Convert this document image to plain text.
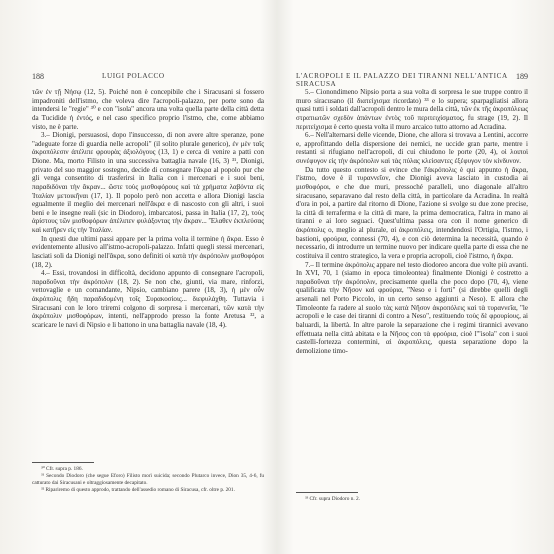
188	LUIGI POLACCO

τῶν ἐν τῇ Νήσῳ (12, 5). Poiché non è concepibile che i Siracusani si fossero impadroniti dell'istmo, che voleva dire l'acropoli-palazzo, per porte sono da intendersi le "regie" ³⁰ e con "isola" ancora una volta quella parte della città detta da Tucidide ἡ ἐντός, e nel caso specifico proprio l'istmo, che, come abbiamo visto, ne è parte.

3.– Dionigi, persuasosi, dopo l'insuccesso, di non avere altre speranze, pone "adeguate forze di guardia nelle acropoli" (il solito plurale generico), ἐν μὲν ταῖς ἀκροπόλεσιν ἀπέλιπε φρουρὰς ἀξιολόγους (13, 1) e cerca di venire a patti con Dione. Ma, morto Filisto in una successiva battaglia navale (16, 3) ³¹, Dionigi, privato del suo maggior sostegno, decide di consegnare l'ἄκρα al popolo pur che gli venga consentito di trasferirsi in Italia con i mercenari e i suoi beni, παραδιδόναι τὴν ἄκραν... ὥστε τοὺς μισθοφόρους καὶ τὰ χρήματα λαβόντα εἰς Ἰταλίαν μετοικῆναι (17, 1). Il popolo però non accetta e allora Dionigi lascia egualmente il meglio dei mercenari nell'ἄκρα e di nascosto con gli altri, i suoi beni e le insegne reali (sic in Diodoro), imbarcatosi, passa in Italia (17, 2), τοὺς ἀρίστους τῶν μισθοφόρων ἀπέλιπεν φυλάξοντας τὴν ἄκραν... Ἔλαθεν ἐκπλεύσας καὶ κατῆρεν εἰς τὴν Ἰταλίαν.

In questi due ultimi passi appare per la prima volta il termine ἡ ἄκρα. Esso è evidentemente allusivo all'istmo-acropoli-palazzo. Infatti quegli stessi mercenari, lasciati soli da Dionigi nell'ἄκρα, sono definiti οἱ κατὰ τὴν ἀκρόπολιν μισθοφόροι (18, 2).

4.– Essi, trovandosi in difficoltà, decidono appunto di consegnare l'acropoli, παραδοῦναι τὴν ἀκρόπολιν (18, 2). Se non che, giunti, via mare, rinforzi, vettovaglie e un comandante, Nipsio, cambiano parere (18, 3), ἡ μὲν οὖν ἀκρόπολις ἤδη παραδιδομένη τοῖς Συρακοσίοις... διεφυλάχθη. Tuttavia i Siracusani con le loro triremi colgono di sorpresa i mercenari, τῶν κατὰ τὴν ἀκρόπολιν μισθοφόρων, intenti, nell'approdo presso la fonte Aretusa ³², a scaricare le navi di Nipsio e li battono in una battaglia navale (18, 4).

³⁰ Cfr. supra p. 186.

³¹ Secondo Diodoro (che segue Eforo) Filisto morì suicida; secondo Plutarco invece, Dion 35, 4-6, fu catturato dai Siracusani e oltraggiosamente decapitato.

³² Ripariremo di questo approdo, trattando dell'assedio romano di Siracusa, cfr. oltre p. 201.

L'ACROPOLI E IL PALAZZO DEI TIRANNI NELL'ANTICA SIRACUSA
189

5.– Cionondimeno Nipsio porta a sua volta di sorpresa le sue truppe contro il muro siracusano (il διατείχισμα ricordato) ³³ e lo supera; sparpagliatisi allora quasi tutti i soldati dall'acropoli dentro le mura della città, τῶν ἐκ τῆς ἀκροπόλεως στρατιωτῶν σχεδὸν ἁπάντων ἐντὸς τοῦ περιτειχίσματος, fu strage (19, 2). Il περιτείχισμα è certo questa volta il muro arcaico tutto attorno ad Acradina.

6.– Nell'alternarsi delle vicende, Dione, che allora si trovava a Lentini, accorre e, approfittando della dispersione dei nemici, ne uccide gran parte, mentre i restanti si rifugiano nell'acropoli, di cui chiudono le porte (20, 4), οἱ λοιποὶ συνέφυγον εἰς τὴν ἀκρόπολιν καὶ τὰς πύλας κλείσαντες ἐξέφυγον τὸν κίνδυνον.

Da tutto questo contesto si evince che l'ἀκρόπολις è qui appunto ἡ ἄκρα, l'istmo, dove è il τυραννεῖον, che Dionigi aveva lasciato in custodia ai μισθοφόροι, e che due muri, pressoché paralleli, uno diagonale all'altro siracusano, separavano dal resto della città, in particolare da Acradina. In realtà d'ora in poi, a partire dal ritorno di Dione, l'azione si svolge su due zone precise, la città di terraferma e la città di mare, la prima democratica, l'altra in mano ai tiranni e ai loro seguaci. Quest'ultima passa ora con il nome generico di ἀκρόπολις o, meglio al plurale, αἱ ἀκροπόλεις, intendendosi l'Ortigia, l'istmo, i bastioni, φρούρια, connessi (70, 4), e con ciò determina la necessità, quando è necessario, di introdurre un termine nuovo per indicare quella parte di essa che ne costituiva il centro strategico, la vera e propria acropoli, cioè l'istmo, ἡ ἄκρα.

7.– Il termine ἀκρόπολις appare nel testo diodoreo ancora due volte più avanti. In XVI, 70, 1 (siamo in epoca timoleontea) finalmente Dionigi è costretto a παραδοῦναι τὴν ἀκρόπολιν, precisamente quella che poco dopo (70, 4), viene qualificata τὴν Νῆσον καὶ φρούρια, "Neso e i forti" (si direbbe quelli degli arsenali nel Porto Piccolo, in un certo senso aggiunti a Neso). E allora che Timoleonte fa radere al suolo τὰς κατὰ Νῆσον ἀκροπόλεις καὶ τὰ τυραννεῖα, "le acropoli e le case dei tiranni di contro a Neso", restituendo τοὺς δὲ φρουρίους, ai baluardi, la libertà. In altre parole la separazione che i regimi tirannici avevano effettuata nella città abitata e la Νῆσος con τὰ φρούρια, cioè l'"isola" con i suoi castelli-fortezza contermini, αἱ ἀκροπόλεις, questa separazione dopo la demolizione timo-

³³ Cfr. supra Diodoro n. 2.
